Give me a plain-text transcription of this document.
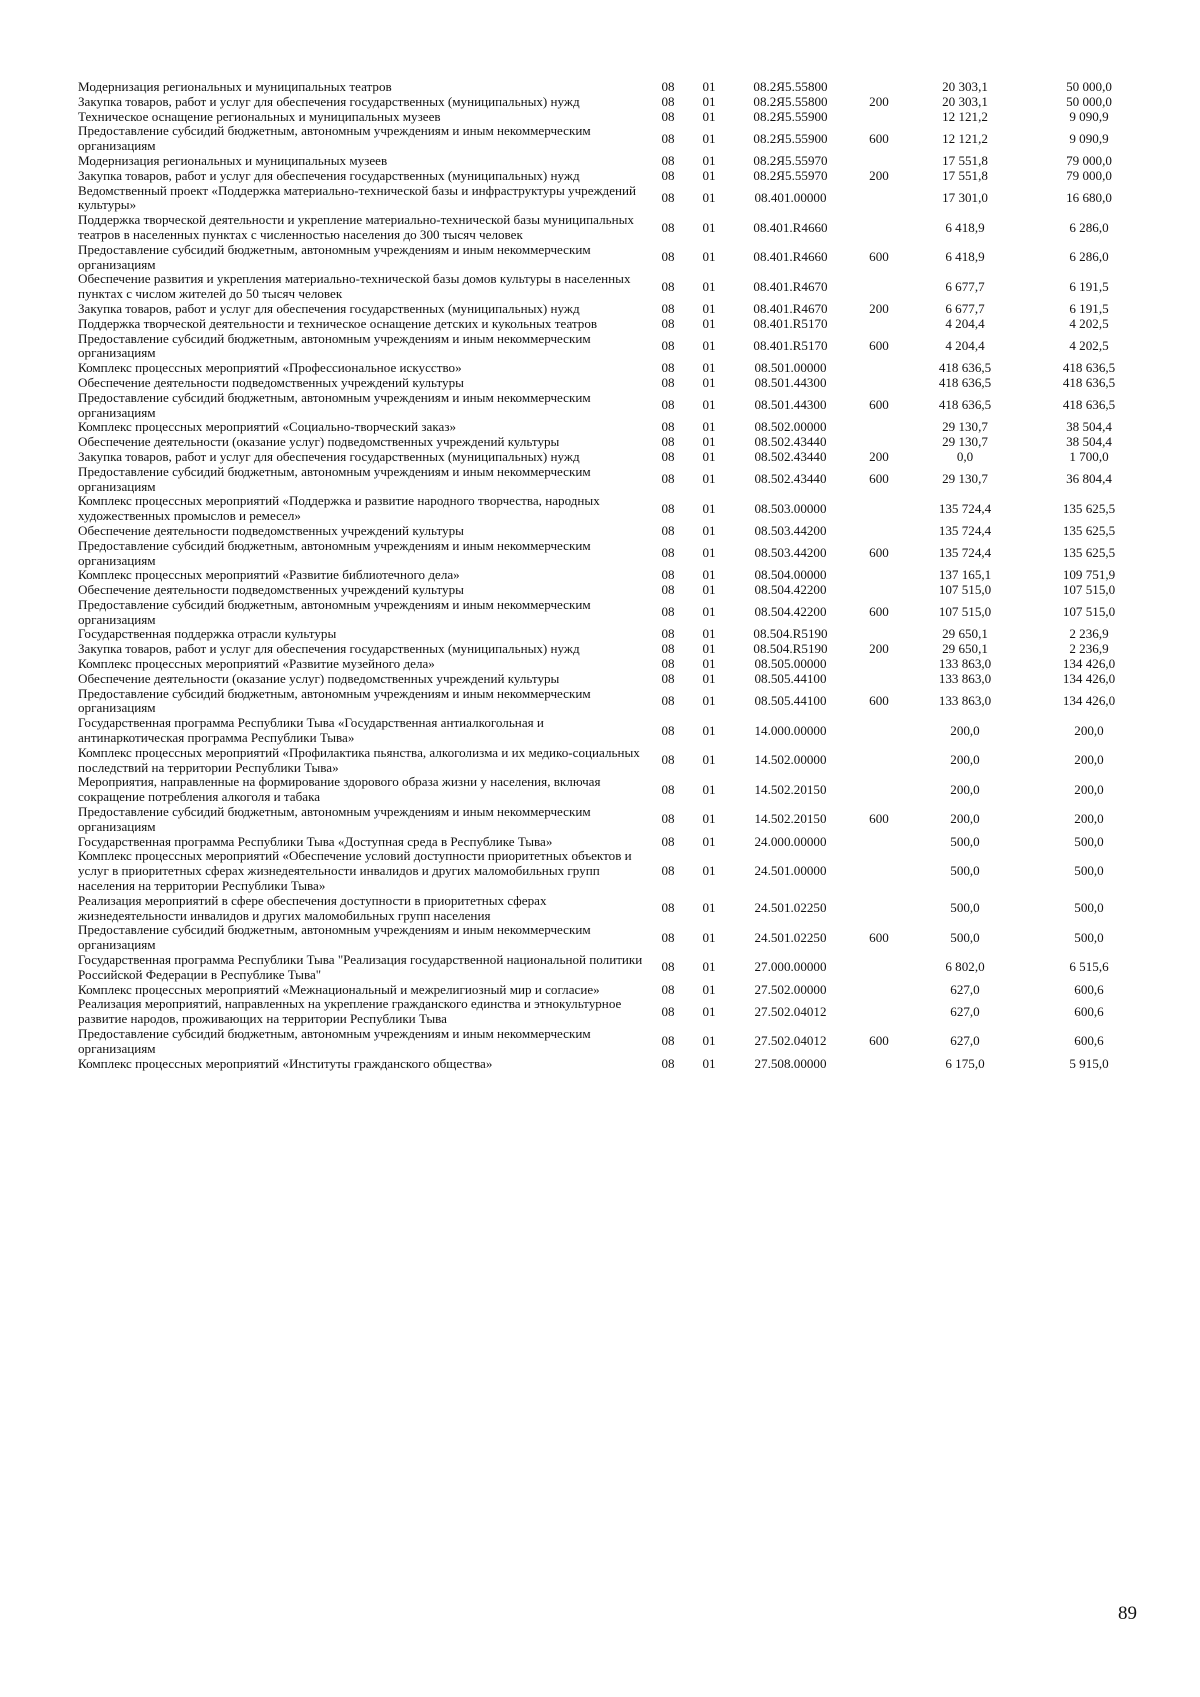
Модернизация региональных и муниципальных театров	08	01	08.2Я5.55800		20 303,1	50 000,0
Закупка товаров, работ и услуг для обеспечения государственных (муниципальных) нужд	08	01	08.2Я5.55800	200	20 303,1	50 000,0
Техническое оснащение региональных и муниципальных музеев	08	01	08.2Я5.55900		12 121,2	9 090,9
Предоставление субсидий бюджетным, автономным учреждениям и иным некоммерческим организациям	08	01	08.2Я5.55900	600	12 121,2	9 090,9
Модернизация региональных и муниципальных музеев	08	01	08.2Я5.55970		17 551,8	79 000,0
Закупка товаров, работ и услуг для обеспечения государственных (муниципальных) нужд	08	01	08.2Я5.55970	200	17 551,8	79 000,0
Ведомственный проект «Поддержка материально-технической базы и инфраструктуры учреждений культуры»	08	01	08.401.00000		17 301,0	16 680,0
Поддержка творческой деятельности и укрепление материально-технической базы муниципальных театров в населенных пунктах с численностью населения до 300 тысяч человек	08	01	08.401.R4660		6 418,9	6 286,0
Предоставление субсидий бюджетным, автономным учреждениям и иным некоммерческим организациям	08	01	08.401.R4660	600	6 418,9	6 286,0
Обеспечение развития и укрепления материально-технической базы домов культуры в населенных пунктах с числом жителей до 50 тысяч человек	08	01	08.401.R4670		6 677,7	6 191,5
Закупка товаров, работ и услуг для обеспечения государственных (муниципальных) нужд	08	01	08.401.R4670	200	6 677,7	6 191,5
Поддержка творческой деятельности и техническое оснащение детских и кукольных театров	08	01	08.401.R5170		4 204,4	4 202,5
Предоставление субсидий бюджетным, автономным учреждениям и иным некоммерческим организациям	08	01	08.401.R5170	600	4 204,4	4 202,5
Комплекс процессных мероприятий «Профессиональное искусство»	08	01	08.501.00000		418 636,5	418 636,5
Обеспечение деятельности подведомственных учреждений культуры	08	01	08.501.44300		418 636,5	418 636,5
Предоставление субсидий бюджетным, автономным учреждениям и иным некоммерческим организациям	08	01	08.501.44300	600	418 636,5	418 636,5
Комплекс процессных мероприятий «Социально-творческий заказ»	08	01	08.502.00000		29 130,7	38 504,4
Обеспечение деятельности (оказание услуг) подведомственных учреждений культуры	08	01	08.502.43440		29 130,7	38 504,4
Закупка товаров, работ и услуг для обеспечения государственных (муниципальных) нужд	08	01	08.502.43440	200	0,0	1 700,0
Предоставление субсидий бюджетным, автономным учреждениям и иным некоммерческим организациям	08	01	08.502.43440	600	29 130,7	36 804,4
Комплекс процессных мероприятий «Поддержка и развитие народного творчества, народных художественных промыслов и ремесел»	08	01	08.503.00000		135 724,4	135 625,5
Обеспечение деятельности подведомственных учреждений культуры	08	01	08.503.44200		135 724,4	135 625,5
Предоставление субсидий бюджетным, автономным учреждениям и иным некоммерческим организациям	08	01	08.503.44200	600	135 724,4	135 625,5
Комплекс процессных мероприятий «Развитие библиотечного дела»	08	01	08.504.00000		137 165,1	109 751,9
Обеспечение деятельности подведомственных учреждений культуры	08	01	08.504.42200		107 515,0	107 515,0
Предоставление субсидий бюджетным, автономным учреждениям и иным некоммерческим организациям	08	01	08.504.42200	600	107 515,0	107 515,0
Государственная поддержка отрасли культуры	08	01	08.504.R5190		29 650,1	2 236,9
Закупка товаров, работ и услуг для обеспечения государственных (муниципальных) нужд	08	01	08.504.R5190	200	29 650,1	2 236,9
Комплекс процессных мероприятий «Развитие музейного дела»	08	01	08.505.00000		133 863,0	134 426,0
Обеспечение деятельности (оказание услуг) подведомственных учреждений культуры	08	01	08.505.44100		133 863,0	134 426,0
Предоставление субсидий бюджетным, автономным учреждениям и иным некоммерческим организациям	08	01	08.505.44100	600	133 863,0	134 426,0
Государственная программа Республики Тыва «Государственная антиалкогольная и антинаркотическая программа Республики Тыва»	08	01	14.000.00000		200,0	200,0
Комплекс процессных мероприятий «Профилактика пьянства, алкоголизма и их медико-социальных последствий на территории Республики Тыва»	08	01	14.502.00000		200,0	200,0
Мероприятия, направленные на формирование здорового образа жизни у населения, включая сокращение потребления алкоголя и табака	08	01	14.502.20150		200,0	200,0
Предоставление субсидий бюджетным, автономным учреждениям и иным некоммерческим организациям	08	01	14.502.20150	600	200,0	200,0
Государственная программа Республики Тыва «Доступная среда в Республике Тыва»	08	01	24.000.00000		500,0	500,0
Комплекс процессных мероприятий «Обеспечение условий доступности приоритетных объектов и услуг в приоритетных сферах жизнедеятельности инвалидов и других маломобильных групп населения на территории Республики Тыва»	08	01	24.501.00000		500,0	500,0
Реализация мероприятий в сфере обеспечения доступности в приоритетных сферах жизнедеятельности инвалидов и других маломобильных групп населения	08	01	24.501.02250		500,0	500,0
Предоставление субсидий бюджетным, автономным учреждениям и иным некоммерческим организациям	08	01	24.501.02250	600	500,0	500,0
Государственная программа Республики Тыва "Реализация государственной национальной политики Российской Федерации в Республике Тыва"	08	01	27.000.00000		6 802,0	6 515,6
Комплекс процессных мероприятий «Межнациональный и межрелигиозный мир и согласие»	08	01	27.502.00000		627,0	600,6
Реализация мероприятий, направленных на укрепление гражданского единства и этнокультурное развитие народов, проживающих на территории Республики Тыва	08	01	27.502.04012		627,0	600,6
Предоставление субсидий бюджетным, автономным учреждениям и иным некоммерческим организациям	08	01	27.502.04012	600	627,0	600,6
Комплекс процессных мероприятий «Институты гражданского общества»	08	01	27.508.00000		6 175,0	5 915,0
89
